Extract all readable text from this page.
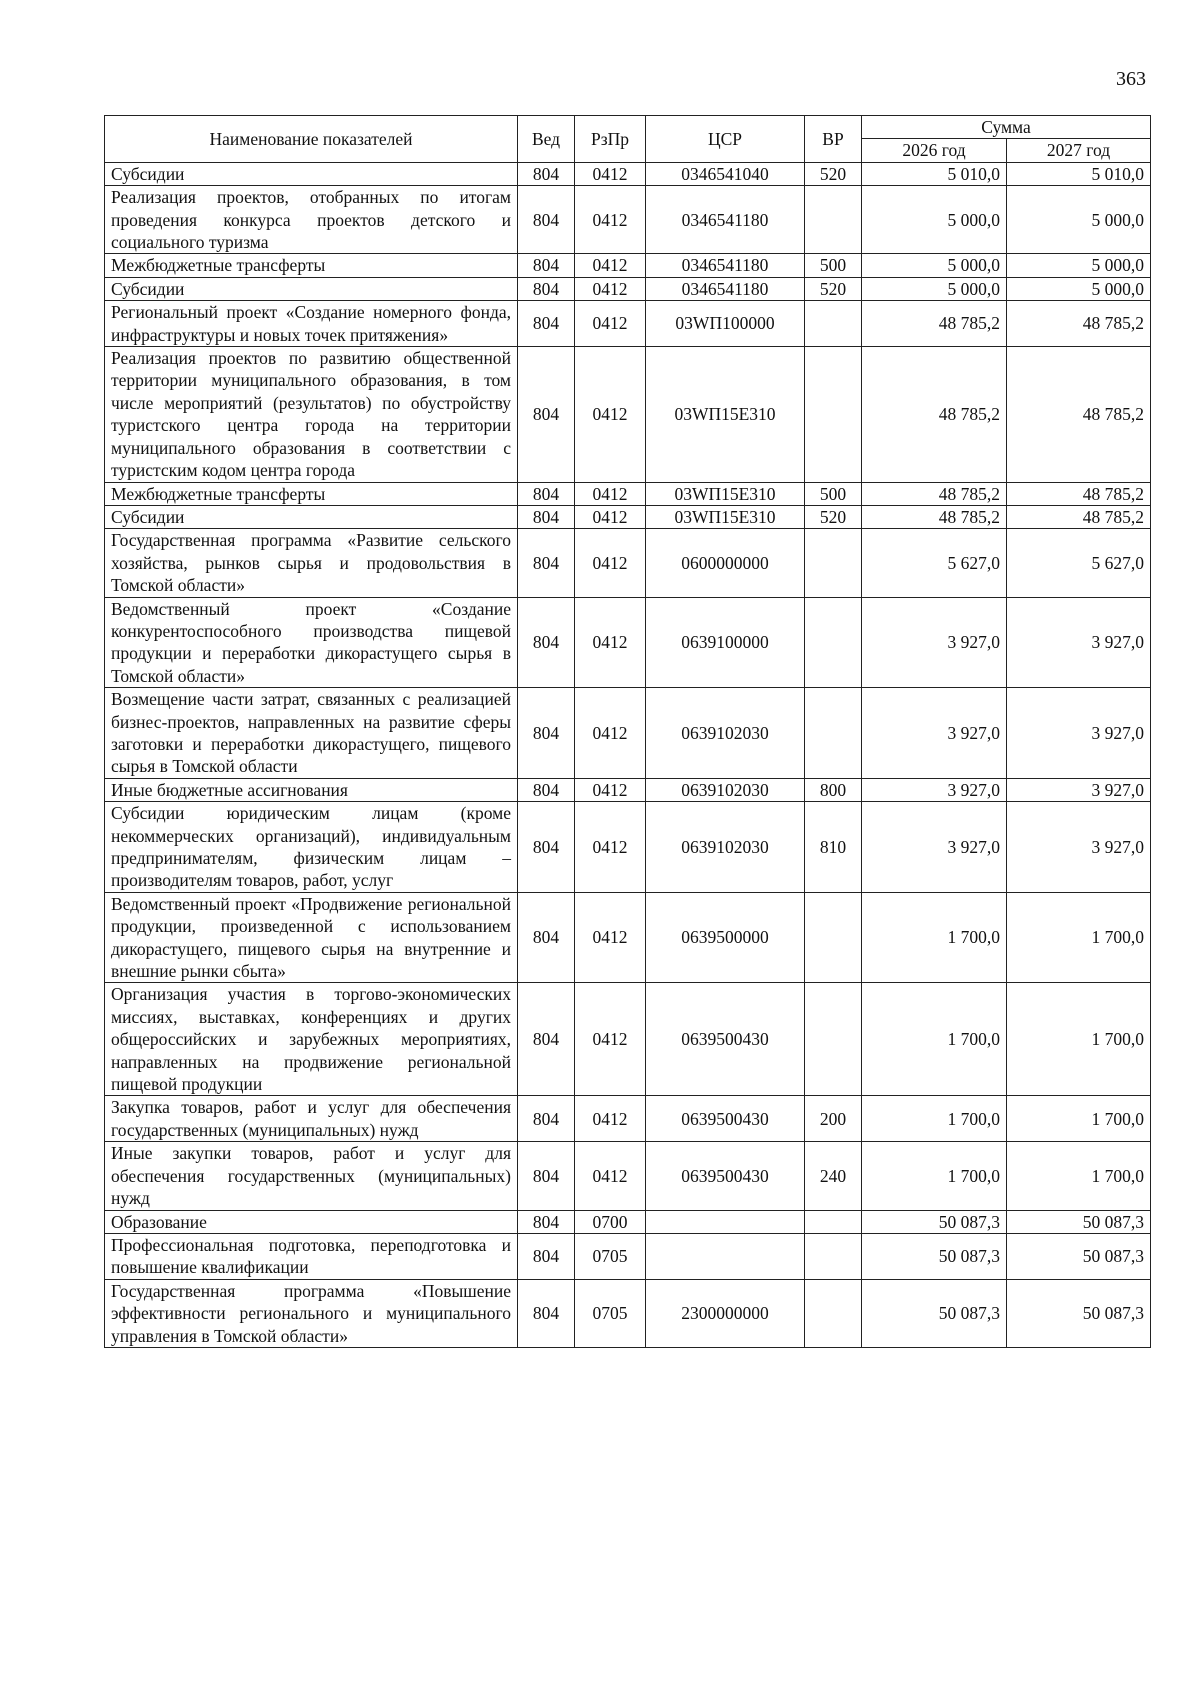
363
Наименование показателей	Вед	РзПр	ЦСР	ВР	Сумма	
					2026 год	2027 год
Субсидии	804	0412	0346541040	520	5 010,0	5 010,0
Реализация проектов, отобранных по итогам проведения конкурса проектов детского и социального туризма	804	0412	0346541180		5 000,0	5 000,0
Межбюджетные трансферты	804	0412	0346541180	500	5 000,0	5 000,0
Субсидии	804	0412	0346541180	520	5 000,0	5 000,0
Региональный проект «Создание номерного фонда, инфраструктуры и новых точек притяжения»	804	0412	03WП100000		48 785,2	48 785,2
Реализация проектов по развитию общественной территории муниципального образования, в том числе мероприятий (результатов) по обустройству туристского центра города на территории муниципального образования в соответствии с туристским кодом центра города	804	0412	03WП15Е310		48 785,2	48 785,2
Межбюджетные трансферты	804	0412	03WП15Е310	500	48 785,2	48 785,2
Субсидии	804	0412	03WП15Е310	520	48 785,2	48 785,2
Государственная программа «Развитие сельского хозяйства, рынков сырья и продовольствия в Томской области»	804	0412	0600000000		5 627,0	5 627,0
Ведомственный проект «Создание конкурентоспособного производства пищевой продукции и переработки дикорастущего сырья в Томской области»	804	0412	0639100000		3 927,0	3 927,0
Возмещение части затрат, связанных с реализацией бизнес-проектов, направленных на развитие сферы заготовки и переработки дикорастущего, пищевого сырья в Томской области	804	0412	0639102030		3 927,0	3 927,0
Иные бюджетные ассигнования	804	0412	0639102030	800	3 927,0	3 927,0
Субсидии юридическим лицам (кроме некоммерческих организаций), индивидуальным предпринимателям, физическим лицам – производителям товаров, работ, услуг	804	0412	0639102030	810	3 927,0	3 927,0
Ведомственный проект «Продвижение региональной продукции, произведенной с использованием дикорастущего, пищевого сырья на внутренние и внешние рынки сбыта»	804	0412	0639500000		1 700,0	1 700,0
Организация участия в торгово-экономических миссиях, выставках, конференциях и других общероссийских и зарубежных мероприятиях, направленных на продвижение региональной пищевой продукции	804	0412	0639500430		1 700,0	1 700,0
Закупка товаров, работ и услуг для обеспечения государственных (муниципальных) нужд	804	0412	0639500430	200	1 700,0	1 700,0
Иные закупки товаров, работ и услуг для обеспечения государственных (муниципальных) нужд	804	0412	0639500430	240	1 700,0	1 700,0
Образование	804	0700			50 087,3	50 087,3
Профессиональная подготовка, переподготовка и повышение квалификации	804	0705			50 087,3	50 087,3
Государственная программа «Повышение эффективности регионального и муниципального управления в Томской области»	804	0705	2300000000		50 087,3	50 087,3
